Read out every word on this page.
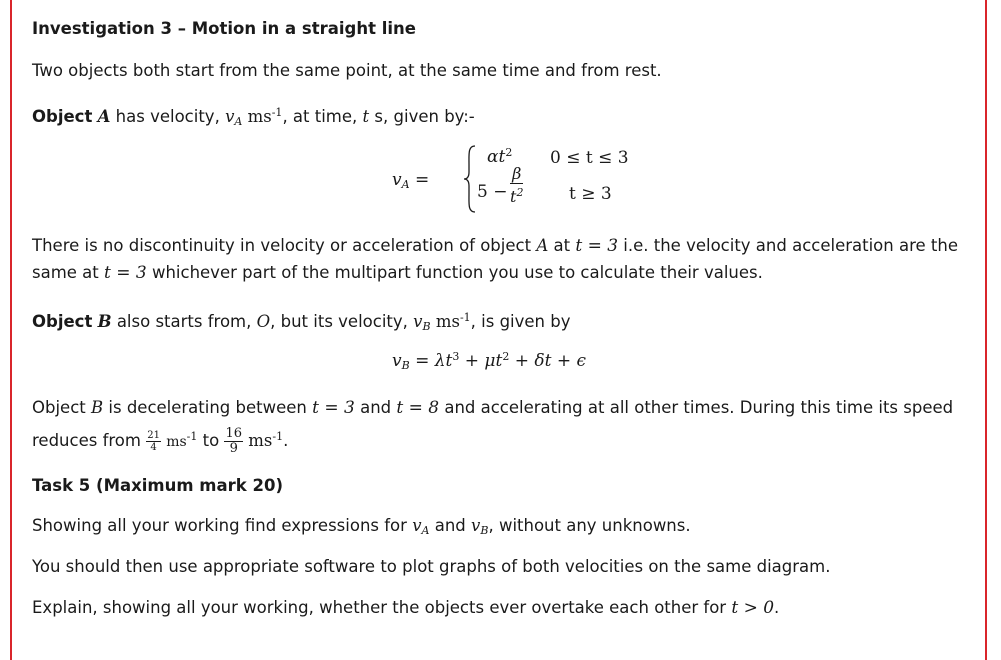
Investigation 3 – Motion in a straight line
Two objects both start from the same point, at the same time and from rest.
Object A has velocity, $v_A$ $ms^{-1}$, at time, t s, given by:-
$v_A$ =
$\alpha t^2$ 0 ≤ t ≤ 3
$5 - \frac{\beta}{t^2}$	t ≥ 3
There is no discontinuity in velocity or acceleration of object A at t = 3 i.e. the velocity and acceleration are the
same at t = 3 whichever part of the multipart function you use to calculate their values.
Object B also starts from, O, but its velocity, $v_B$ $ms^{-1}$, is given by
$v_B = \lambda t^3 + \mu t^2 + \delta t + \epsilon$
Object B is decelerating between t = 3 and t = 8 and accelerating at all other times. During this time its speed
reduces from $\frac{21}{4} ms^{-1}$ to $\frac{16}{9} ms^{-1}$.
Task 5 (Maximum mark 20)
Showing all your working find expressions for $v_A$ and $v_B$, without any unknowns.
You should then use appropriate software to plot graphs of both velocities on the same diagram.
Explain, showing all your working, whether the objects ever overtake each other for t > 0.
